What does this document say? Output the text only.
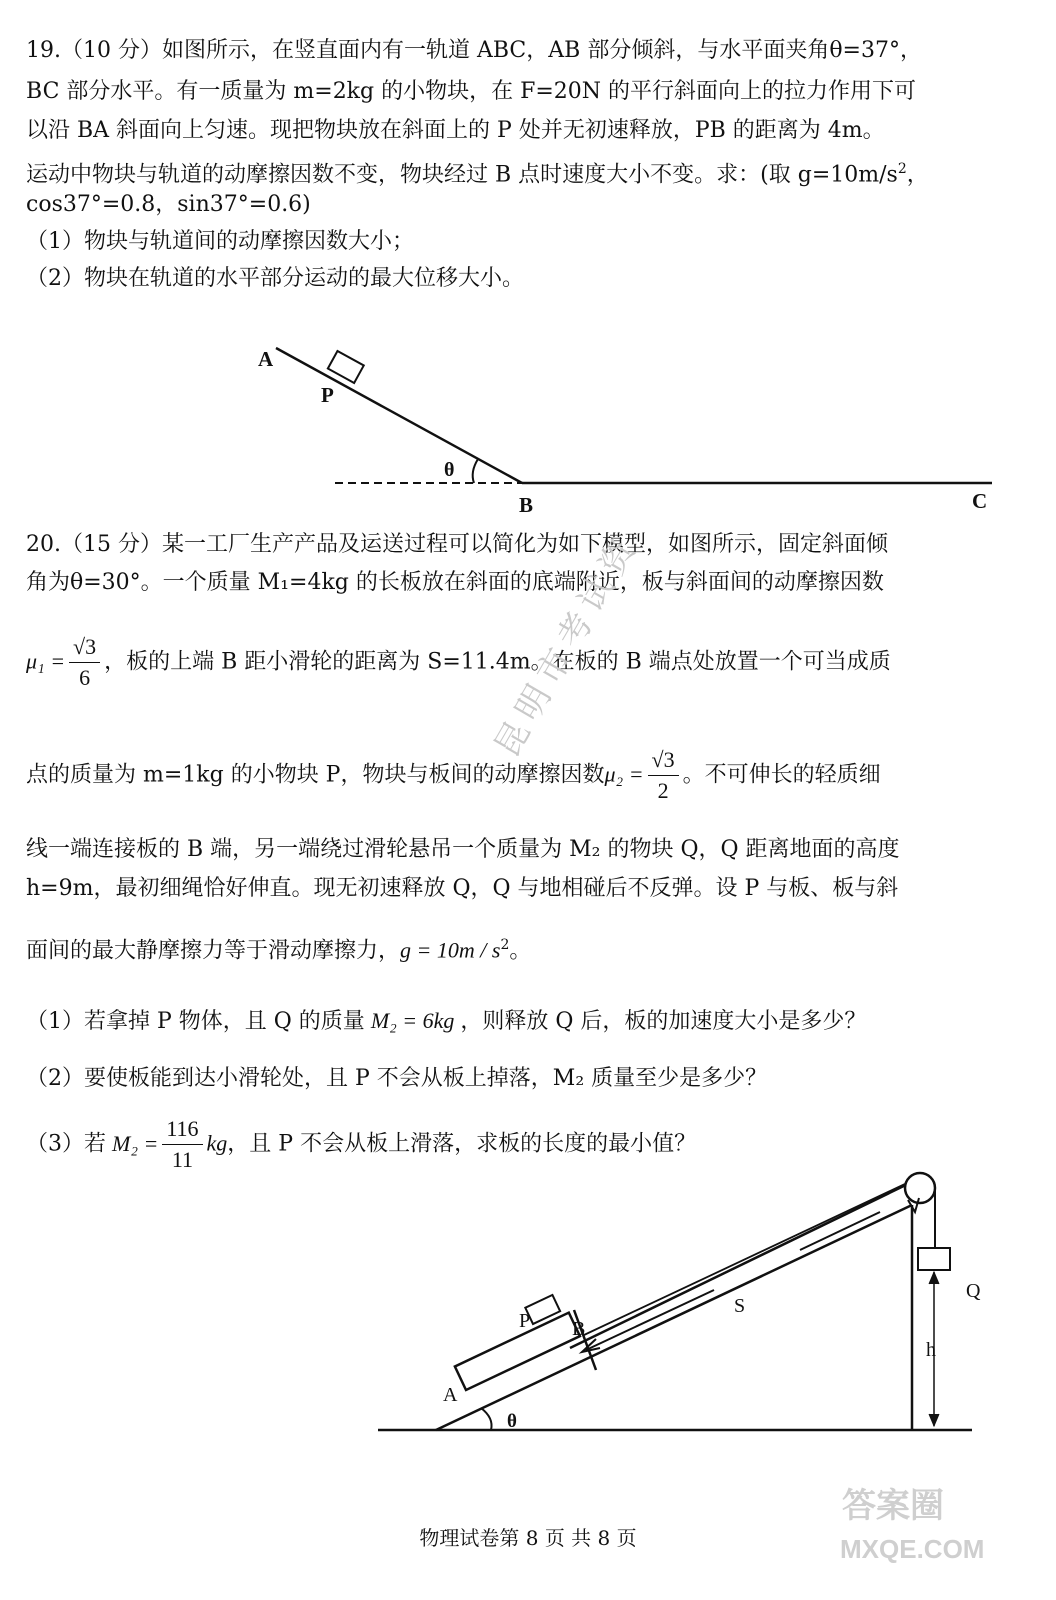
19.（10 分）如图所示，在竖直面内有一轨道 ABC，AB 部分倾斜，与水平面夹角θ=37°，
BC 部分水平。有一质量为 m=2kg 的小物块，在 F=20N 的平行斜面向上的拉力作用下可
以沿 BA 斜面向上匀速。现把物块放在斜面上的 P 处并无初速释放，PB 的距离为 4m。
运动中物块与轨道的动摩擦因数不变，物块经过 B 点时速度大小不变。求：(取 $g=10m/s^2$，
cos37°=0.8，sin37°=0.6)
（1）物块与轨道间的动摩擦因数大小；
（2）物块在轨道的水平部分运动的最大位移大小。
A
P
θ
B	C
20.（15 分）某一工厂生产产品及运送过程可以简化为如下模型，如图所示，固定斜面倾
角为θ=30°。一个质量 M₁=4kg 的长板放在斜面的底端附近，板与斜面间的动摩擦因数
$\mu_1 = \frac{√3}{6}$ ，板的上端 B 距小滑轮的距离为 S=11.4m。在板的 B 端点处放置一个可当成质
点的质量为 m=1kg 的小物块 P，物块与板间的动摩擦因数$\mu_2 = \frac{√3}{2}$ 。不可伸长的轻质细
线一端连接板的 B 端，另一端绕过滑轮悬吊一个质量为 M₂ 的物块 Q，Q 距离地面的高度
h=9m，最初细绳恰好伸直。现无初速释放 Q，Q 与地相碰后不反弹。设 P 与板、板与斜
面间的最大静摩擦力等于滑动摩擦力，$g = 10m / s^2$。
（1）若拿掉 P 物体，且 Q 的质量 M₂ = 6kg ，则释放 Q 后，板的加速度大小是多少？
（2）要使板能到达小滑轮处，且 P 不会从板上掉落，M₂ 质量至少是多少？
（3）若 $M_2 = \frac{116}{11}$ kg，且 P 不会从板上滑落，求板的长度的最小值？
P B
S
A
θ
Q
h
昆明市考试资
答案圈
MXQE.COM
物理试卷第 8 页 共 8 页
